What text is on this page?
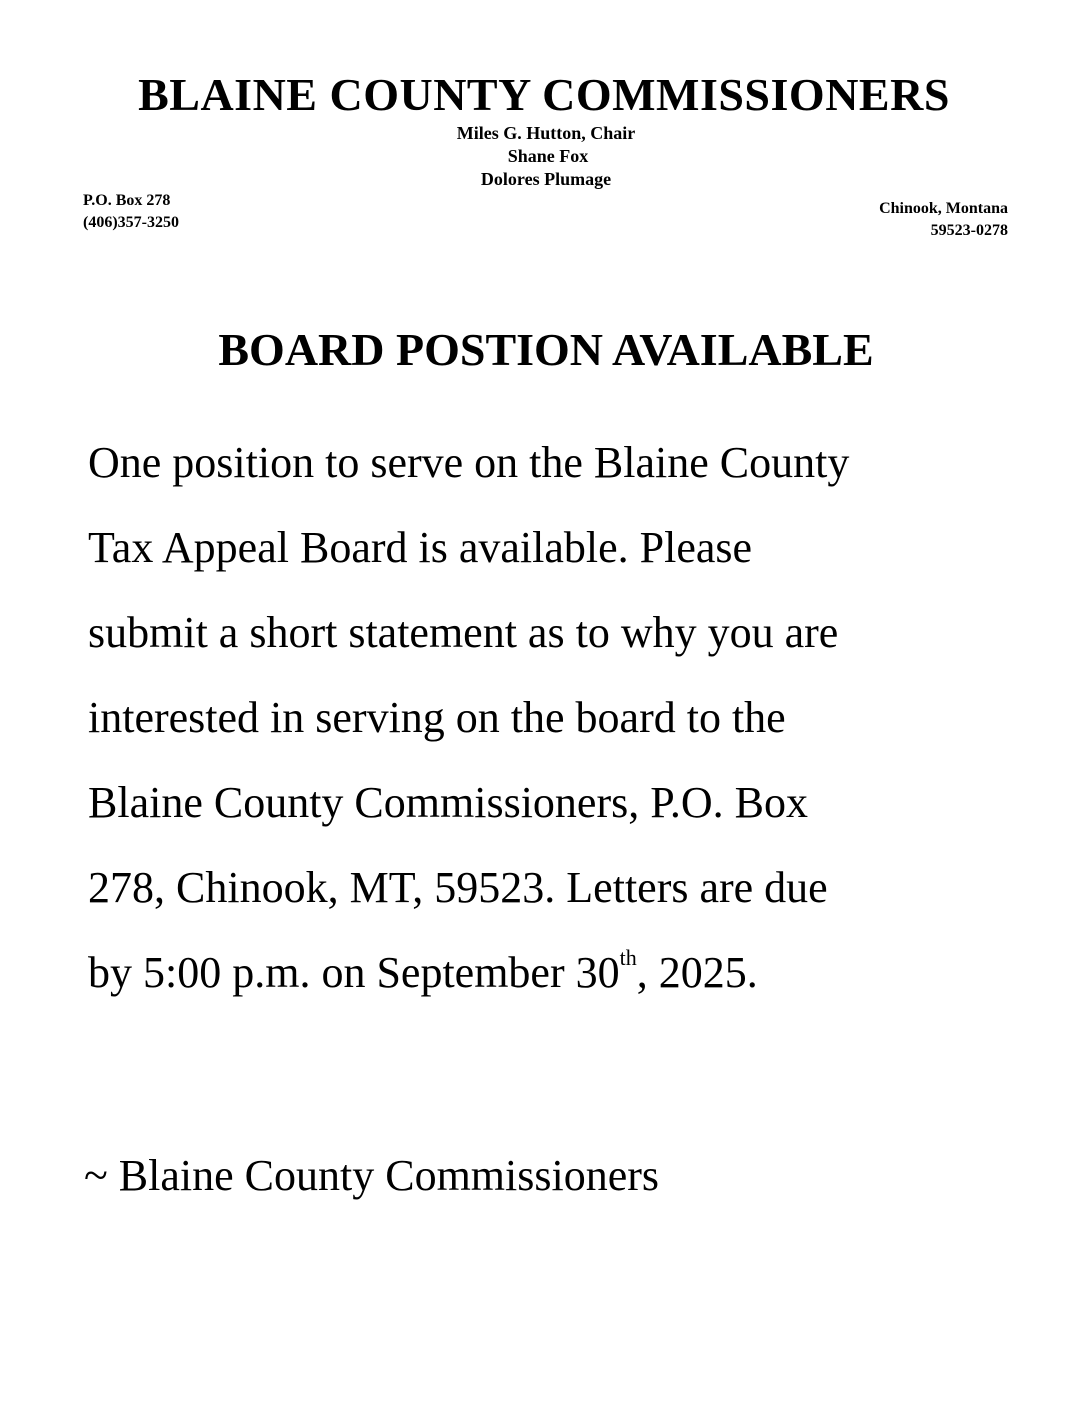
BLAINE COUNTY COMMISSIONERS
Miles G. Hutton, Chair
Shane Fox
Dolores Plumage
P.O. Box 278
(406)357-3250
Chinook, Montana
59523-0278
BOARD POSTION AVAILABLE
One position to serve on the Blaine County
Tax Appeal Board is available. Please
submit a short statement as to why you are
interested in serving on the board to the
Blaine County Commissioners, P.O. Box
278, Chinook, MT, 59523. Letters are due
by 5:00 p.m. on September 30th, 2025.
~ Blaine County Commissioners
